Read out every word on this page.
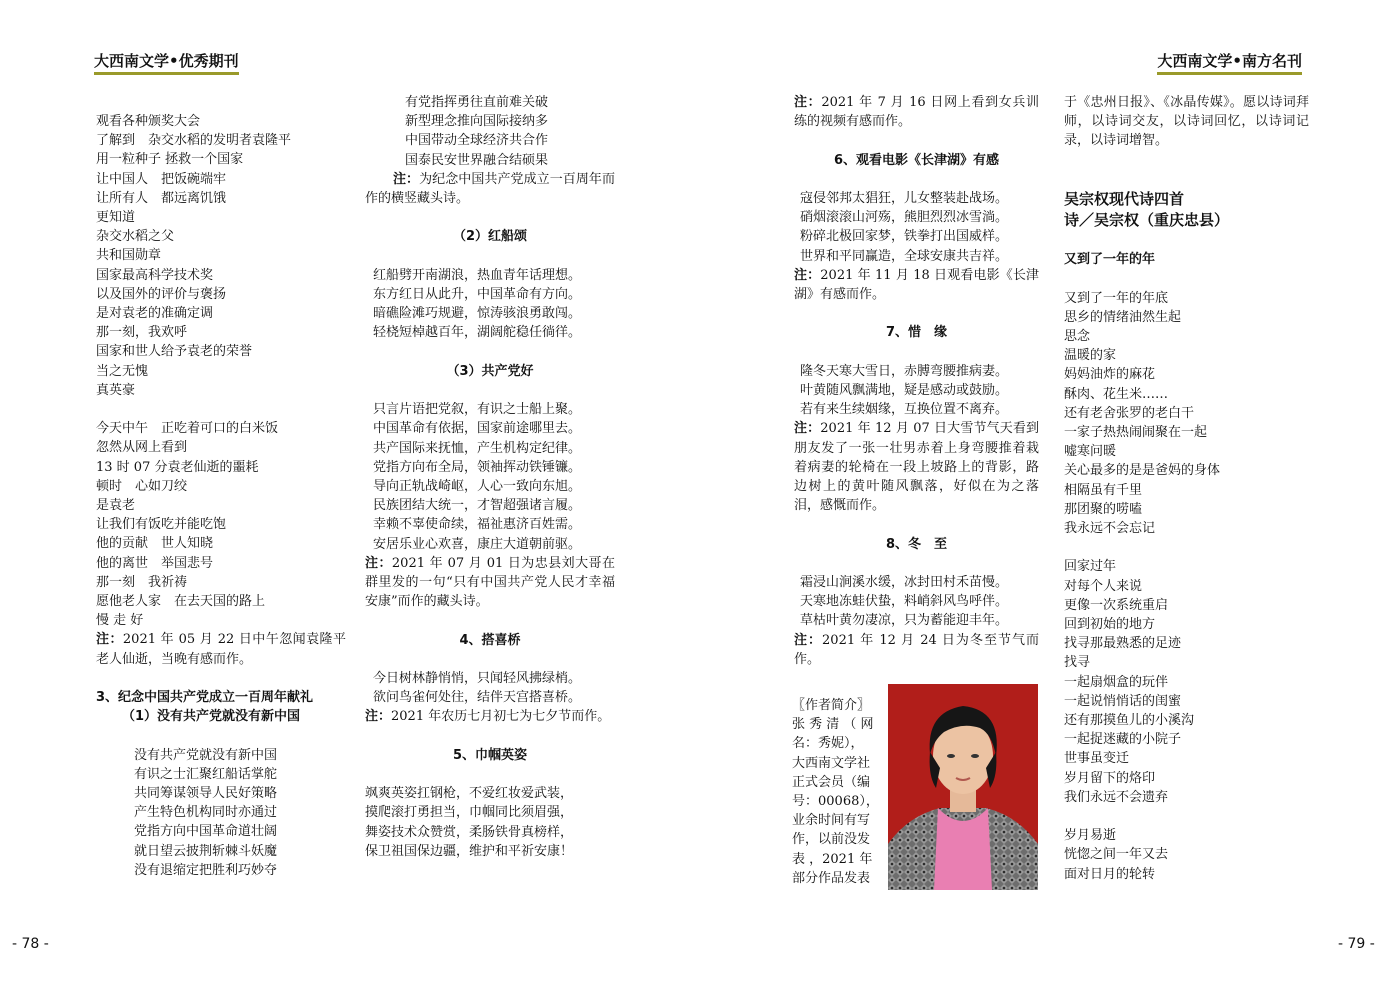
大西南文学•优秀期刊	大西南文学•南方名刊

观看各种颁奖大会

了解到　杂交水稻的发明者袁隆平

用一粒种子 拯救一个国家

让中国人　把饭碗端牢

让所有人　都远离饥饿

更知道

杂交水稻之父

共和国勋章

国家最高科学技术奖

以及国外的评价与褒扬

是对袁老的准确定调

那一刻，我欢呼

国家和世人给予袁老的荣誉

当之无愧

真英豪

今天中午　正吃着可口的白米饭

忽然从网上看到

13 时 07 分袁老仙逝的噩耗

顿时　心如刀绞

是袁老

让我们有饭吃并能吃饱

他的贡献　世人知晓

他的离世　举国悲号

那一刻　我祈祷

愿他老人家　在去天国的路上

慢 走 好

注：2021 年 05 月 22 日中午忽闻袁隆平老人仙逝，当晚有感而作。

3、纪念中国共产党成立一百周年献礼

（1）没有共产党就没有新中国

没有共产党就没有新中国

有识之士汇聚红船话掌舵

共同筹谋领导人民好策略

产生特色机构同时亦通过

党指方向中国革命道壮阔

就日望云披荆斩棘斗妖魔

没有退缩定把胜利巧妙夺

有党指挥勇往直前难关破

新型理念推向国际接纳多

中国带动全球经济共合作

国泰民安世界融合结硕果

注：为纪念中国共产党成立一百周年而作的横竖藏头诗。

（2）红船颂

红船劈开南湖浪，热血青年话理想。

东方红日从此升，中国革命有方向。

暗礁险滩巧规避，惊涛骇浪勇敢闯。

轻桡短棹越百年，湖阔舵稳任徜徉。

（3）共产党好

只言片语把党叙，有识之士船上聚。

中国革命有依据，国家前途哪里去。

共产国际来抚恤，产生机构定纪律。

党指方向布全局，领袖挥动铁锤镰。

导向正轨战崎岖，人心一致向东旭。

民族团结大统一，才智超强诸言履。

幸赖不辜使命续，福祉惠济百姓需。

安居乐业心欢喜，康庄大道朝前驱。

注：2021 年 07 月 01 日为忠县刘大哥在群里发的一句“只有中国共产党人民才幸福安康”而作的藏头诗。

4、搭喜桥

今日树林静悄悄，只闻轻风拂绿梢。

欲问鸟雀何处往，结伴天宫搭喜桥。

注：2021 年农历七月初七为七夕节而作。

5、巾帼英姿

飒爽英姿扛钢枪，不爱红妆爱武装，

摸爬滚打勇担当，巾帼同比须眉强，

舞姿技术众赞赏，柔肠铁骨真榜样，

保卫祖国保边疆，维护和平祈安康！

注：2021 年 7 月 16 日网上看到女兵训练的视频有感而作。

6、观看电影《长津湖》有感

寇侵邻邦太猖狂，儿女整装赴战场。

硝烟滚滚山河殇，熊胆烈烈冰雪淌。

粉碎北极回家梦，铁拳打出国威样。

世界和平同赢造，全球安康共吉祥。

注：2021 年 11 月 18 日观看电影《长津湖》有感而作。

7、惜　缘

隆冬天寒大雪日，赤膊弯腰推病妻。

叶黄随风飘满地，疑是感动或鼓励。

若有来生续姻缘，互换位置不离弃。

注：2021 年 12 月 07 日大雪节气天看到朋友发了一张一壮男赤着上身弯腰推着栽着病妻的轮椅在一段上坡路上的背影，路边树上的黄叶随风飘落，好似在为之落泪，感慨而作。

8、冬　至

霜浸山涧溪水缓，冰封田村禾苗慢。

天寒地冻蛙伏蛰，料峭斜风鸟呼伴。

草枯叶黄勿凄凉，只为蓄能迎丰年。

注：2021 年 12 月 24 日为冬至节气而作。

〖作者简介〗

张 秀 清 （ 网

名：秀妮），

大西南文学社

正式会员（编

号：00068），

业余时间有写

作，以前没发

表 ，2021 年

部分作品发表

于《忠州日报》、《冰晶传媒》。愿以诗词拜师，以诗词交友，以诗词回忆，以诗词记录，以诗词增智。

吴宗权现代诗四首

诗／吴宗权（重庆忠县）

又到了一年的年

又到了一年的年底

思乡的情绪油然生起

思念

温暖的家

妈妈油炸的麻花

酥肉、花生米……

还有老舍张罗的老白干

一家子热热闹闹聚在一起

嘘寒问暖

关心最多的是是爸妈的身体

相隔虽有千里

那团聚的唠嗑

我永远不会忘记

回家过年

对每个人来说

更像一次系统重启

回到初始的地方

找寻那最熟悉的足迹

找寻

一起扇烟盒的玩伴

一起说悄悄话的闺蜜

还有那摸鱼儿的小溪沟

一起捉迷藏的小院子

世事虽变迁

岁月留下的烙印

我们永远不会遗弃

岁月易逝

恍惚之间一年又去

面对日月的轮转

- 78 -	- 79 -
